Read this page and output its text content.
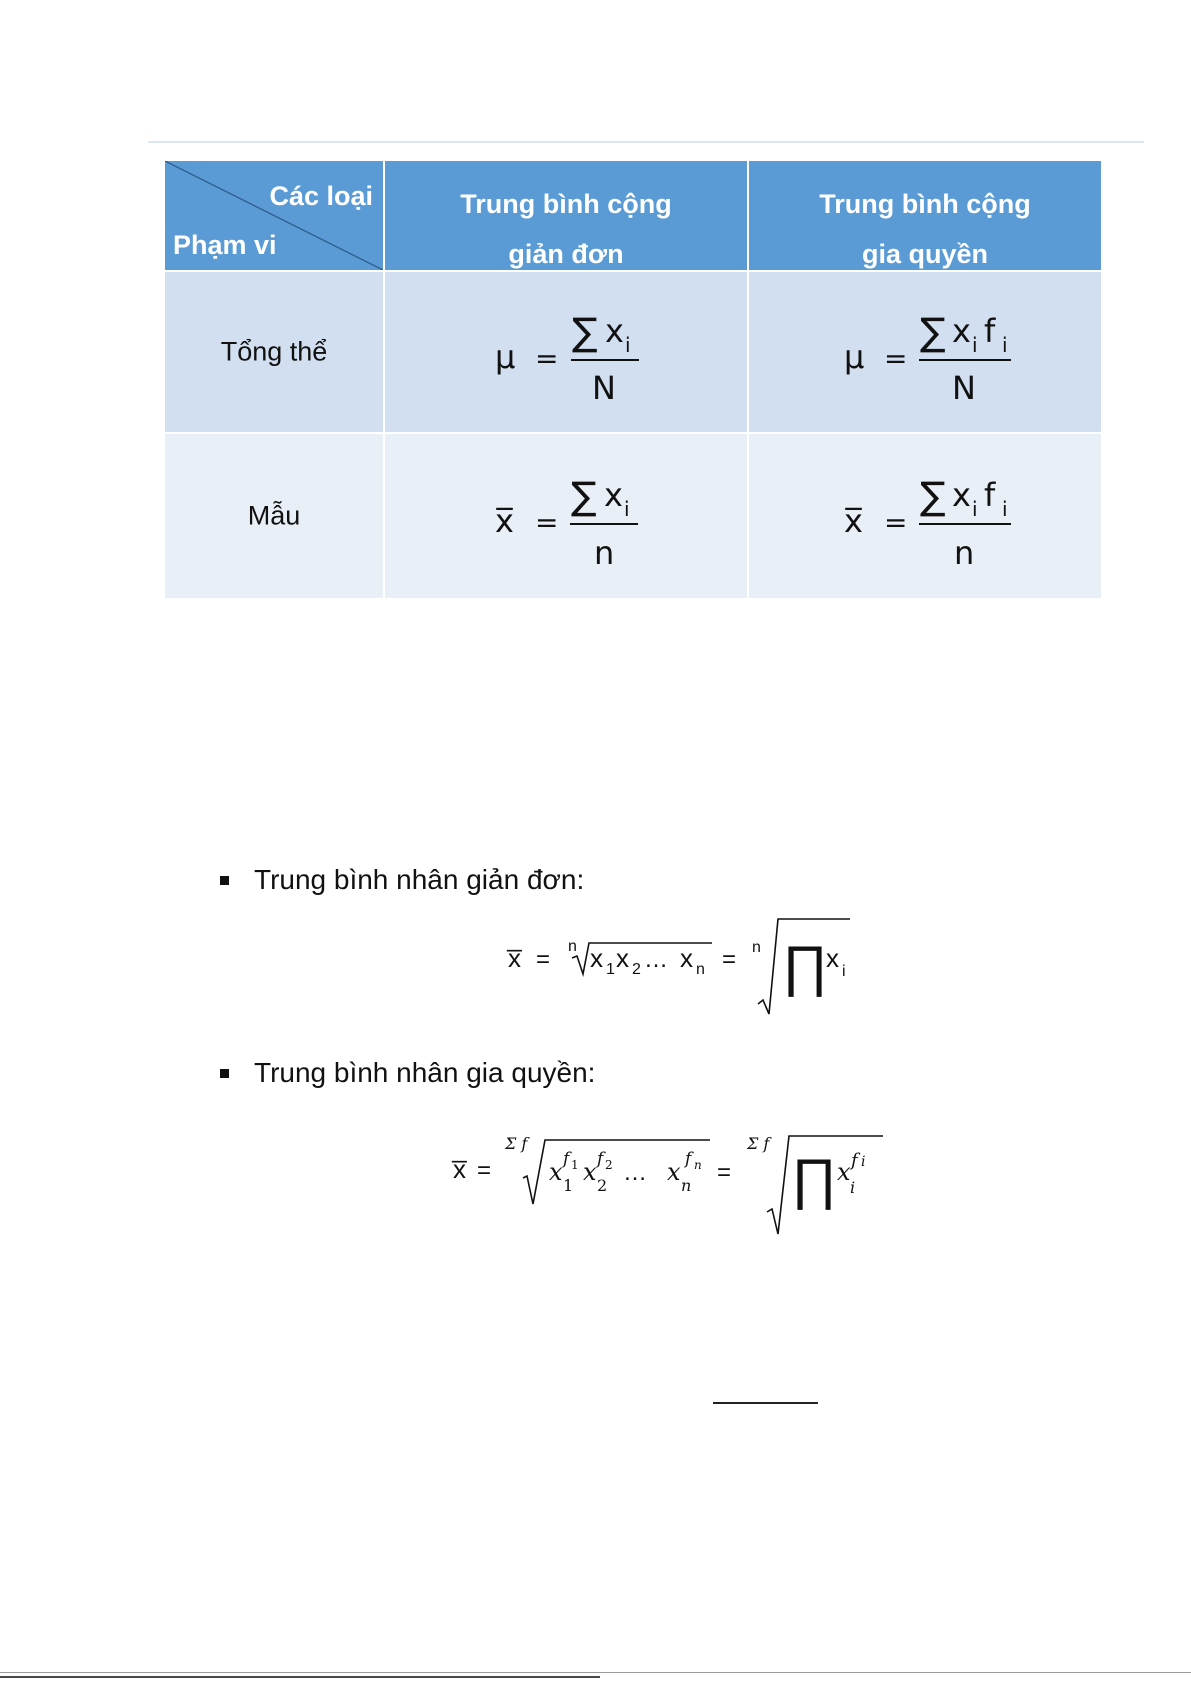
Các loại
Phạm vi
Trung bình cộng
giản đơn
Trung bình cộng
gia quyền
Tổng thể	μ =
∑ x i
N
μ =
∑ x i f i
N
Mẫu	x̅ =
∑ x i
n
x̅ =
∑ x i f i
n
Trung bình nhân giản đơn:
x̅ = n x 1 x 2 … x n = n ∏
x i
Trung bình nhân gia quyền:
x̅ =
Σ f
x 1
f 1 x 2
f 2 … x n
f n =
Σ f
∏ x
i
f i
